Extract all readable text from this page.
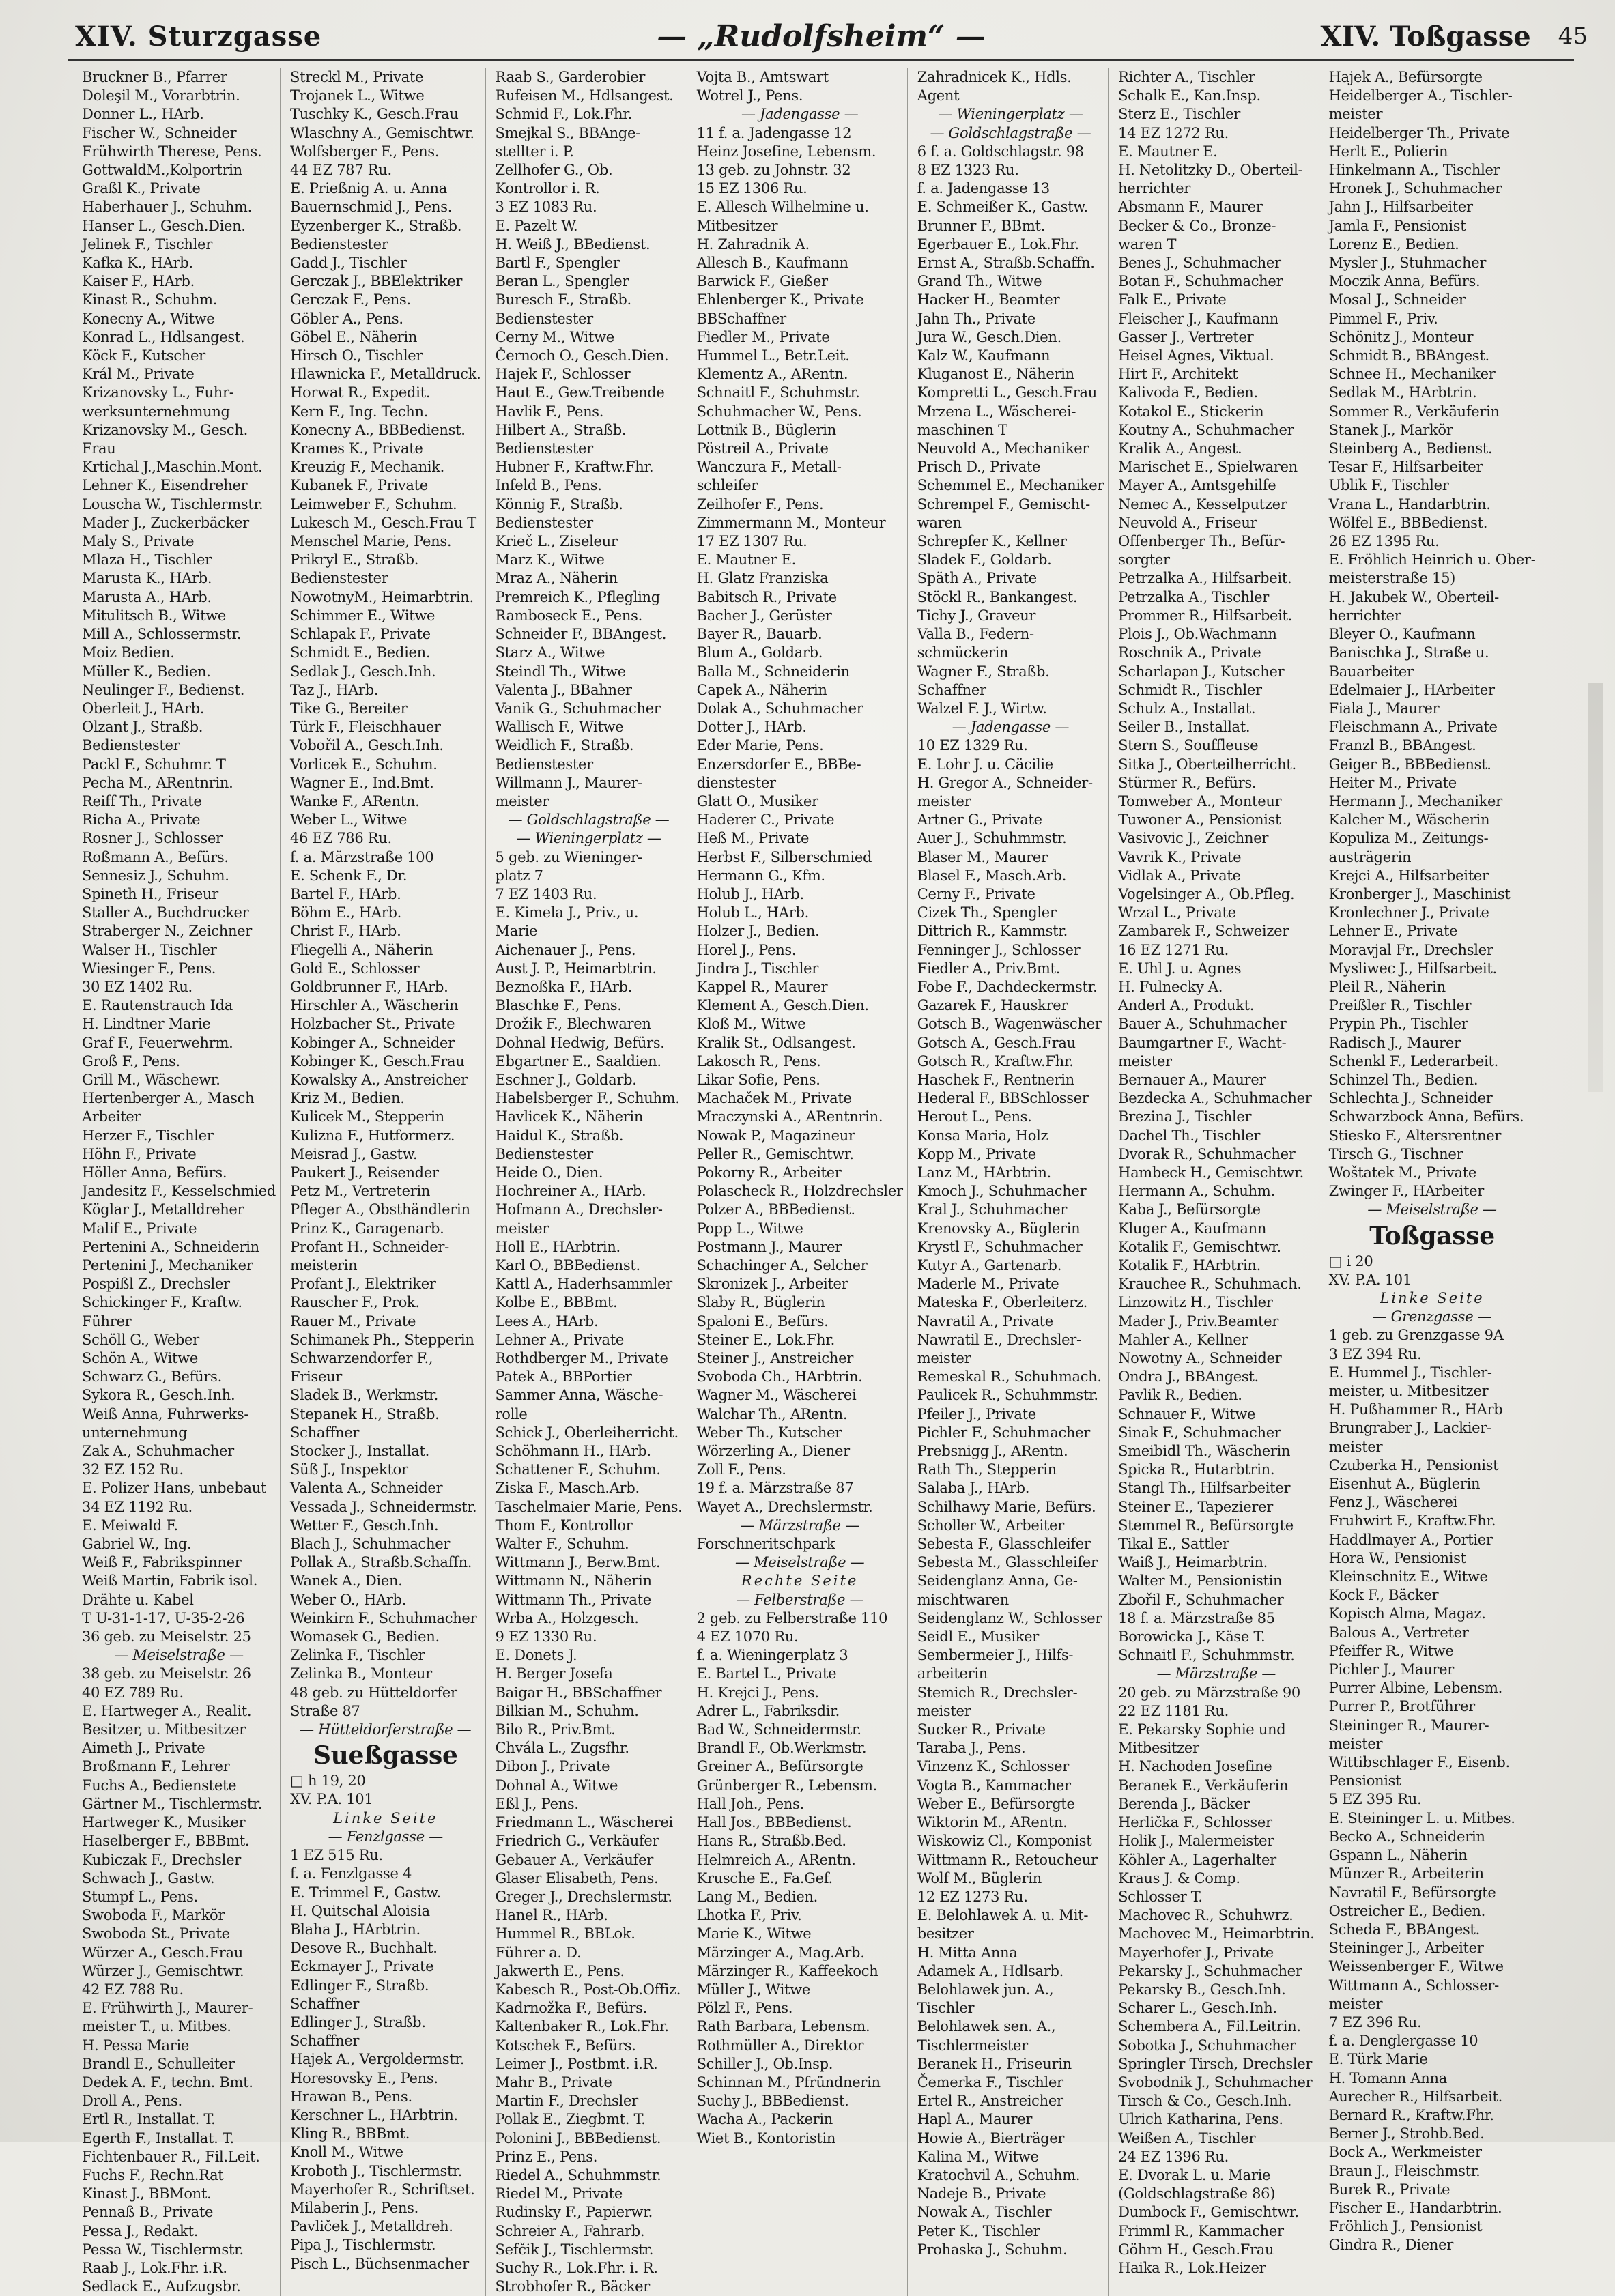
XIV. Sturzgasse	— „Rudolfsheim“ —	XIV. Toßgasse 45
Bruckner B., Pfarrer
Doleşil M., Vorarbtrin.
Donner L., HArb.
Fischer W., Schneider
Frühwirth Therese, Pens.
GottwaldM.,Kolportrin
Graßl K., Private
Haberhauer J., Schuhm.
Hanser L., Gesch.Dien.
Jelinek F., Tischler
Kafka K., HArb.
Kaiser F., HArb.
Kinast R., Schuhm.
Konecny A., Witwe
Konrad L., Hdlsangest.
Köck F., Kutscher
Král M., Private
Krizanovsky L., Fuhr-
werksunternehmung
Krizanovsky M., Gesch.
Frau
Krtichal J.,Maschin.Mont.
Lehner K., Eisendreher
Louscha W., Tischlermstr.
Mader J., Zuckerbäcker
Maly S., Private
Mlaza H., Tischler
Marusta K., HArb.
Marusta A., HArb.
Mitulitsch B., Witwe
Mill A., Schlossermstr.
Moiz Bedien.
Müller K., Bedien.
Neulinger F., Bedienst.
Oberleit J., HArb.
Olzant J., Straßb.
Bedienstester
Packl F., Schuhmr. T
Pecha M., ARentnrin.
Reiff Th., Private
Richa A., Private
Rosner J., Schlosser
Roßmann A., Befürs.
Sennesiz J., Schuhm.
Spineth H., Friseur
Staller A., Buchdrucker
Straberger N., Zeichner
Walser H., Tischler
Wiesinger F., Pens.
30 EZ 1402 Ru.
E. Rautenstrauch Ida
H. Lindtner Marie
Graf F., Feuerwehrm.
Groß F., Pens.
Grill M., Wäschewr.
Hertenberger A., Masch
Arbeiter
Herzer F., Tischler
Höhn F., Private
Höller Anna, Befürs.
Jandesitz F., Kesselschmied
Köglar J., Metalldreher
Malif E., Private
Pertenini A., Schneiderin
Pertenini J., Mechaniker
Pospißl Z., Drechsler
Schickinger F., Kraftw.
Führer
Schöll G., Weber
Schön A., Witwe
Schwarz G., Befürs.
Sykora R., Gesch.Inh.
Weiß Anna, Fuhrwerks-
unternehmung
Zak A., Schuhmacher
32 EZ 152 Ru.
E. Polizer Hans, unbebaut
34 EZ 1192 Ru.
E. Meiwald F.
Gabriel W., Ing.
Weiß F., Fabrikspinner
Weiß Martin, Fabrik isol.
Drähte u. Kabel
T U-31-1-17, U-35-2-26
36 geb. zu Meiselstr. 25
— Meiselstraße —
38 geb. zu Meiselstr. 26
40 EZ 789 Ru.
E. Hartweger A., Realit.
Besitzer, u. Mitbesitzer
Aimeth J., Private
Broßmann F., Lehrer
Fuchs A., Bedienstete
Gärtner M., Tischlermstr.
Hartweger K., Musiker
Haselberger F., BBBmt.
Kubiczak F., Drechsler
Schwach J., Gastw.
Stumpf L., Pens.
Swoboda F., Markör
Swoboda St., Private
Würzer A., Gesch.Frau
Würzer J., Gemischtwr.
42 EZ 788 Ru.
E. Frühwirth J., Maurer-
meister T., u. Mitbes.
H. Pessa Marie
Brandl E., Schulleiter
Dedek A. F., techn. Bmt.
Droll A., Pens.
Ertl R., Installat. T.
Egerth F., Installat. T.
Fichtenbauer R., Fil.Leit.
Fuchs F., Rechn.Rat
Kinast J., BBMont.
Pennaß B., Private
Pessa J., Redakt.
Pessa W., Tischlermstr.
Raab J., Lok.Fhr. i.R.
Sedlack E., Aufzugsbr.
Streckl M., Private
Trojanek L., Witwe
Tuschky K., Gesch.Frau
Wlaschny A., Gemischtwr.
Wolfsberger F., Pens.
44 EZ 787 Ru.
E. Prießnig A. u. Anna
Bauernschmid J., Pens.
Eyzenberger K., Straßb.
Bedienstester
Gadd J., Tischler
Gerczak J., BBElektriker
Gerczak F., Pens.
Göbler A., Pens.
Göbel E., Näherin
Hirsch O., Tischler
Hlawnicka F., Metalldruck.
Horwat R., Expedit.
Kern F., Ing. Techn.
Konecny A., BBBedienst.
Krames K., Private
Kreuzig F., Mechanik.
Kubanek F., Private
Leimweber F., Schuhm.
Lukesch M., Gesch.Frau T
Menschel Marie, Pens.
Prikryl E., Straßb.
Bedienstester
NowotnyM., Heimarbtrin.
Schimmer E., Witwe
Schlapak F., Private
Schmidt E., Bedien.
Sedlak J., Gesch.Inh.
Taz J., HArb.
Tike G., Bereiter
Türk F., Fleischhauer
Vobořil A., Gesch.Inh.
Vorlicek E., Schuhm.
Wagner E., Ind.Bmt.
Wanke F., ARentn.
Weber L., Witwe
46 EZ 786 Ru.
f. a. Märzstraße 100
E. Schenk F., Dr.
Bartel F., HArb.
Böhm E., HArb.
Christ F., HArb.
Fliegelli A., Näherin
Gold E., Schlosser
Goldbrunner F., HArb.
Hirschler A., Wäscherin
Holzbacher St., Private
Kobinger A., Schneider
Kobinger K., Gesch.Frau
Kowalsky A., Anstreicher
Kriz M., Bedien.
Kulicek M., Stepperin
Kulizna F., Hutformerz.
Meisrad J., Gastw.
Paukert J., Reisender
Petz M., Vertreterin
Pfleger A., Obsthändlerin
Prinz K., Garagenarb.
Profant H., Schneider-
meisterin
Profant J., Elektriker
Rauscher F., Prok.
Rauer M., Private
Schimanek Ph., Stepperin
Schwarzendorfer F.,
Friseur
Sladek B., Werkmstr.
Stepanek H., Straßb.
Schaffner
Stocker J., Installat.
Süß J., Inspektor
Valenta A., Schneider
Vessada J., Schneidermstr.
Wetter F., Gesch.Inh.
Blach J., Schuhmacher
Pollak A., Straßb.Schaffn.
Wanek A., Dien.
Weber O., HArb.
Weinkirn F., Schuhmacher
Womasek G., Bedien.
Zelinka F., Tischler
Zelinka B., Monteur
48 geb. zu Hütteldorfer
Straße 87
— Hütteldorferstraße —
Sueßgasse
□ h 19, 20
XV. P.A. 101
Linke Seite
— Fenzlgasse —
1 EZ 515 Ru.
f. a. Fenzlgasse 4
E. Trimmel F., Gastw.
H. Quitschal Aloisia
Blaha J., HArbtrin.
Desove R., Buchhalt.
Eckmayer J., Private
Edlinger F., Straßb.
Schaffner
Edlinger J., Straßb.
Schaffner
Hajek A., Vergoldermstr.
Horesovsky E., Pens.
Hrawan B., Pens.
Kerschner L., HArbtrin.
Kling R., BBBmt.
Knoll M., Witwe
Kroboth J., Tischlermstr.
Mayerhofer R., Schriftset.
Milaberin J., Pens.
Pavliček J., Metalldreh.
Pipa J., Tischlermstr.
Pisch L., Büchsenmacher
Raab S., Garderobier
Rufeisen M., Hdlsangest.
Schmid F., Lok.Fhr.
Smejkal S., BBAnge-
stellter i. P.
Zellhofer G., Ob.
Kontrollor i. R.
3 EZ 1083 Ru.
E. Pazelt W.
H. Weiß J., BBedienst.
Bartl F., Spengler
Beran L., Spengler
Buresch F., Straßb.
Bedienstester
Cerny M., Witwe
Černoch O., Gesch.Dien.
Hajek F., Schlosser
Haut E., Gew.Treibende
Havlik F., Pens.
Hilbert A., Straßb.
Bedienstester
Hubner F., Kraftw.Fhr.
Infeld B., Pens.
Könnig F., Straßb.
Bedienstester
Krieč L., Ziseleur
Marz K., Witwe
Mraz A., Näherin
Premreich K., Pflegling
Ramboseck E., Pens.
Schneider F., BBAngest.
Starz A., Witwe
Steindl Th., Witwe
Valenta J., BBahner
Vanik G., Schuhmacher
Wallisch F., Witwe
Weidlich F., Straßb.
Bedienstester
Willmann J., Maurer-
meister
— Goldschlagstraße —
— Wieningerplatz —
5 geb. zu Wieninger-
platz 7
7 EZ 1403 Ru.
E. Kimela J., Priv., u.
Marie
Aichenauer J., Pens.
Aust J. P., Heimarbtrin.
Beznoßka F., HArb.
Blaschke F., Pens.
Drožik F., Blechwaren
Dohnal Hedwig, Befürs.
Ebgartner E., Saaldien.
Eschner J., Goldarb.
Habelsberger F., Schuhm.
Havlicek K., Näherin
Haidul K., Straßb.
Bedienstester
Heide O., Dien.
Hochreiner A., HArb.
Hofmann A., Drechsler-
meister
Holl E., HArbtrin.
Karl O., BBBedienst.
Kattl A., Haderhsammler
Kolbe E., BBBmt.
Lees A., HArb.
Lehner A., Private
Rothdberger M., Private
Patek A., BBPortier
Sammer Anna, Wäsche-
rolle
Schick J., Oberleiherricht.
Schöhmann H., HArb.
Schattener F., Schuhm.
Ziska F., Masch.Arb.
Taschelmaier Marie, Pens.
Thom F., Kontrollor
Walter F., Schuhm.
Wittmann J., Berw.Bmt.
Wittmann N., Näherin
Wittmann Th., Private
Wrba A., Holzgesch.
9 EZ 1330 Ru.
E. Donets J.
H. Berger Josefa
Baigar H., BBSchaffner
Bilkian M., Schuhm.
Bilo R., Priv.Bmt.
Chvála L., Zugsfhr.
Dibon J., Private
Dohnal A., Witwe
Eßl J., Pens.
Friedmann L., Wäscherei
Friedrich G., Verkäufer
Gebauer A., Verkäufer
Glaser Elisabeth, Pens.
Greger J., Drechslermstr.
Hanel R., HArb.
Hummel R., BBLok.
Führer a. D.
Jakwerth E., Pens.
Kabesch R., Post-Ob.Offiz.
Kadrnožka F., Befürs.
Kaltenbaker R., Lok.Fhr.
Kotschek F., Befürs.
Leimer J., Postbmt. i.R.
Mahr B., Private
Martin F., Drechsler
Pollak E., Ziegbmt. T.
Polonini J., BBBedienst.
Prinz E., Pens.
Riedel A., Schuhmmstr.
Riedel M., Private
Rudinsky F., Papierwr.
Schreier A., Fahrarb.
Sefčik J., Tischlermstr.
Suchy R., Lok.Fhr. i. R.
Strobhofer R., Bäcker
Vojta B., Amtswart
Wotrel J., Pens.
— Jadengasse —
11 f. a. Jadengasse 12
Heinz Josefine, Lebensm.
13 geb. zu Johnstr. 32
15 EZ 1306 Ru.
E. Allesch Wilhelmine u.
Mitbesitzer
H. Zahradnik A.
Allesch B., Kaufmann
Barwick F., Gießer
Ehlenberger K., Private
BBSchaffner
Fiedler M., Private
Hummel L., Betr.Leit.
Klementz A., ARentn.
Schnaitl F., Schuhmstr.
Schuhmacher W., Pens.
Lottnik B., Büglerin
Pöstreil A., Private
Wanczura F., Metall-
schleifer
Zeilhofer F., Pens.
Zimmermann M., Monteur
17 EZ 1307 Ru.
E. Mautner E.
H. Glatz Franziska
Babitsch R., Private
Bacher J., Gerüster
Bayer R., Bauarb.
Blum A., Goldarb.
Balla M., Schneiderin
Capek A., Näherin
Dolak A., Schuhmacher
Dotter J., HArb.
Eder Marie, Pens.
Enzersdorfer E., BBBe-
dienstester
Glatt O., Musiker
Haderer C., Private
Heß M., Private
Herbst F., Silberschmied
Hermann G., Kfm.
Holub J., HArb.
Holub L., HArb.
Holzer J., Bedien.
Horel J., Pens.
Jindra J., Tischler
Kappel R., Maurer
Klement A., Gesch.Dien.
Kloß M., Witwe
Kralik St., Odlsangest.
Lakosch R., Pens.
Likar Sofie, Pens.
Machaček M., Private
Mraczynski A., ARentnrin.
Nowak P., Magazineur
Peller R., Gemischtwr.
Pokorny R., Arbeiter
Polascheck R., Holzdrechsler
Polzer A., BBBedienst.
Popp L., Witwe
Postmann J., Maurer
Schachinger A., Selcher
Skronizek J., Arbeiter
Slaby R., Büglerin
Spaloni E., Befürs.
Steiner E., Lok.Fhr.
Steiner J., Anstreicher
Svoboda Ch., HArbtrin.
Wagner M., Wäscherei
Walchar Th., ARentn.
Weber Th., Kutscher
Wörzerling A., Diener
Zoll F., Pens.
19 f. a. Märzstraße 87
Wayet A., Drechslermstr.
— Märzstraße —
Forschneritschpark
— Meiselstraße —
Rechte Seite
— Felberstraße —
2 geb. zu Felberstraße 110
4 EZ 1070 Ru.
f. a. Wieningerplatz 3
E. Bartel L., Private
H. Krejci J., Pens.
Adrer L., Fabriksdir.
Bad W., Schneidermstr.
Brandl F., Ob.Werkmstr.
Greiner A., Befürsorgte
Grünberger R., Lebensm.
Hall Joh., Pens.
Hall Jos., BBBedienst.
Hans R., Straßb.Bed.
Helmreich A., ARentn.
Krusche E., Fa.Gef.
Lang M., Bedien.
Lhotka F., Priv.
Marie K., Witwe
Märzinger A., Mag.Arb.
Märzinger R., Kaffeekoch
Müller J., Witwe
Pölzl F., Pens.
Rath Barbara, Lebensm.
Rothmüller A., Direktor
Schiller J., Ob.Insp.
Schinnan M., Pfründnerin
Suchy J., BBBedienst.
Wacha A., Packerin
Wiet B., Kontoristin
Zahradnicek K., Hdls.
Agent
— Wieningerplatz —
— Goldschlagstraße —
6 f. a. Goldschlagstr. 98
8 EZ 1323 Ru.
f. a. Jadengasse 13
E. Schmeißer K., Gastw.
Brunner F., BBmt.
Egerbauer E., Lok.Fhr.
Ernst A., Straßb.Schaffn.
Grand Th., Witwe
Hacker H., Beamter
Jahn Th., Private
Jura W., Gesch.Dien.
Kalz W., Kaufmann
Kluganost E., Näherin
Kompretti L., Gesch.Frau
Mrzena L., Wäscherei-
maschinen T
Neuvold A., Mechaniker
Prisch D., Private
Schemmel E., Mechaniker
Schrempel F., Gemischt-
waren
Schrepfer K., Kellner
Sladek F., Goldarb.
Späth A., Private
Stöckl R., Bankangest.
Tichy J., Graveur
Valla B., Federn-
schmückerin
Wagner F., Straßb.
Schaffner
Walzel F. J., Wirtw.
— Jadengasse —
10 EZ 1329 Ru.
E. Lohr J. u. Cäcilie
H. Gregor A., Schneider-
meister
Artner G., Private
Auer J., Schuhmmstr.
Blaser M., Maurer
Blasel F., Masch.Arb.
Cerny F., Private
Cizek Th., Spengler
Dittrich R., Kammstr.
Fenninger J., Schlosser
Fiedler A., Priv.Bmt.
Fobe F., Dachdeckermstr.
Gazarek F., Hauskrer
Gotsch B., Wagenwäscher
Gotsch A., Gesch.Frau
Gotsch R., Kraftw.Fhr.
Haschek F., Rentnerin
Hederal F., BBSchlosser
Herout L., Pens.
Konsa Maria, Holz
Kopp M., Private
Lanz M., HArbtrin.
Kmoch J., Schuhmacher
Kral J., Schuhmacher
Krenovsky A., Büglerin
Krystl F., Schuhmacher
Kutyr A., Gartenarb.
Maderle M., Private
Mateska F., Oberleiterz.
Navratil A., Private
Nawratil E., Drechsler-
meister
Remeskal R., Schuhmach.
Paulicek R., Schuhmmstr.
Pfeiler J., Private
Pichler F., Schuhmacher
Prebsnigg J., ARentn.
Rath Th., Stepperin
Salaba J., HArb.
Schilhawy Marie, Befürs.
Scholler W., Arbeiter
Sebesta F., Glasschleifer
Sebesta M., Glasschleifer
Seidenglanz Anna, Ge-
mischtwaren
Seidenglanz W., Schlosser
Seidl E., Musiker
Sembermeier J., Hilfs-
arbeiterin
Stemich R., Drechsler-
meister
Sucker R., Private
Taraba J., Pens.
Vinzenz K., Schlosser
Vogta B., Kammacher
Weber E., Befürsorgte
Wiktorin M., ARentn.
Wiskowiz Cl., Komponist
Wittmann R., Retoucheur
Wolf M., Büglerin
12 EZ 1273 Ru.
E. Belohlawek A. u. Mit-
besitzer
H. Mitta Anna
Adamek A., Hdlsarb.
Belohlawek jun. A.,
Tischler
Belohlawek sen. A.,
Tischlermeister
Beranek H., Friseurin
Čemerka F., Tischler
Ertel R., Anstreicher
Hapl A., Maurer
Howie A., Bierträger
Kalina M., Witwe
Kratochvil A., Schuhm.
Nadeje B., Private
Nowak A., Tischler
Peter K., Tischler
Prohaska J., Schuhm.
Richter A., Tischler
Schalk E., Kan.Insp.
Sterz E., Tischler
14 EZ 1272 Ru.
E. Mautner E.
H. Netolitzky D., Oberteil-
herrichter
Absmann F., Maurer
Becker & Co., Bronze-
waren T
Benes J., Schuhmacher
Botan F., Schuhmacher
Falk E., Private
Fleischer J., Kaufmann
Gasser J., Vertreter
Heisel Agnes, Viktual.
Hirt F., Architekt
Kalivoda F., Bedien.
Kotakol E., Stickerin
Koutny A., Schuhmacher
Kralik A., Angest.
Marischet E., Spielwaren
Mayer A., Amtsgehilfe
Nemec A., Kesselputzer
Neuvold A., Friseur
Offenberger Th., Befür-
sorgter
Petrzalka A., Hilfsarbeit.
Petrzalka A., Tischler
Prommer R., Hilfsarbeit.
Plois J., Ob.Wachmann
Roschnik A., Private
Scharlapan J., Kutscher
Schmidt R., Tischler
Schulz A., Installat.
Seiler B., Installat.
Stern S., Souffleuse
Sitka J., Oberteilherricht.
Stürmer R., Befürs.
Tomweber A., Monteur
Tuwoner A., Pensionist
Vasivovic J., Zeichner
Vavrik K., Private
Vidlak A., Private
Vogelsinger A., Ob.Pfleg.
Wrzal L., Private
Zambarek F., Schweizer
16 EZ 1271 Ru.
E. Uhl J. u. Agnes
H. Fulnecky A.
Anderl A., Produkt.
Bauer A., Schuhmacher
Baumgartner F., Wacht-
meister
Bernauer A., Maurer
Bezdecka A., Schuhmacher
Brezina J., Tischler
Dachel Th., Tischler
Dvorak R., Schuhmacher
Hambeck H., Gemischtwr.
Hermann A., Schuhm.
Kaba J., Befürsorgte
Kluger A., Kaufmann
Kotalik F., Gemischtwr.
Kotalik F., HArbtrin.
Krauchee R., Schuhmach.
Linzowitz H., Tischler
Mader J., Priv.Beamter
Mahler A., Kellner
Nowotny A., Schneider
Ondra J., BBAngest.
Pavlik R., Bedien.
Schnauer F., Witwe
Sinak F., Schuhmacher
Smeibidl Th., Wäscherin
Spicka R., Hutarbtrin.
Stangl Th., Hilfsarbeiter
Steiner E., Tapezierer
Stemmel R., Befürsorgte
Tikal E., Sattler
Waiß J., Heimarbtrin.
Walter M., Pensionistin
Zbořil F., Schuhmacher
18 f. a. Märzstraße 85
Borowicka J., Käse T.
Schnaitl F., Schuhmmstr.
— Märzstraße —
20 geb. zu Märzstraße 90
22 EZ 1181 Ru.
E. Pekarsky Sophie und
Mitbesitzer
H. Nachoden Josefine
Beranek E., Verkäuferin
Berenda J., Bäcker
Herlička F., Schlosser
Holik J., Malermeister
Köhler A., Lagerhalter
Kraus J. & Comp.
Schlosser T.
Machovec R., Schuhwrz.
Machovec M., Heimarbtrin.
Mayerhofer J., Private
Pekarsky J., Schuhmacher
Pekarsky B., Gesch.Inh.
Scharer L., Gesch.Inh.
Schembera A., Fil.Leitrin.
Sobotka J., Schuhmacher
Springler Tirsch, Drechsler
Svobodnik J., Schuhmacher
Tirsch & Co., Gesch.Inh.
Ulrich Katharina, Pens.
Weißen A., Tischler
24 EZ 1396 Ru.
E. Dvorak L. u. Marie
(Goldschlagstraße 86)
Dumbock F., Gemischtwr.
Frimml R., Kammacher
Göhrn H., Gesch.Frau
Haika R., Lok.Heizer
Hajek A., Befürsorgte
Heidelberger A., Tischler-
meister
Heidelberger Th., Private
Herlt E., Polierin
Hinkelmann A., Tischler
Hronek J., Schuhmacher
Jahn J., Hilfsarbeiter
Jamla F., Pensionist
Lorenz E., Bedien.
Mysler J., Stuhmacher
Moczik Anna, Befürs.
Mosal J., Schneider
Pimmel F., Priv.
Schönitz J., Monteur
Schmidt B., BBAngest.
Schnee H., Mechaniker
Sedlak M., HArbtrin.
Sommer R., Verkäuferin
Stanek J., Markör
Steinberg A., Bedienst.
Tesar F., Hilfsarbeiter
Ublik F., Tischler
Vrana L., Handarbtrin.
Wölfel E., BBBedienst.
26 EZ 1395 Ru.
E. Fröhlich Heinrich u. Ober-
meisterstraße 15)
H. Jakubek W., Oberteil-
herrichter
Bleyer O., Kaufmann
Banischka J., Straße u.
Bauarbeiter
Edelmaier J., HArbeiter
Fiala J., Maurer
Fleischmann A., Private
Franzl B., BBAngest.
Geiger B., BBBedienst.
Heiter M., Private
Hermann J., Mechaniker
Kalcher M., Wäscherin
Kopuliza M., Zeitungs-
austrägerin
Krejci A., Hilfsarbeiter
Kronberger J., Maschinist
Kronlechner J., Private
Lehner E., Private
Moravjal Fr., Drechsler
Mysliwec J., Hilfsarbeit.
Pleil R., Näherin
Preißler R., Tischler
Prypin Ph., Tischler
Radisch J., Maurer
Schenkl F., Lederarbeit.
Schinzel Th., Bedien.
Schlechta J., Schneider
Schwarzbock Anna, Befürs.
Stiesko F., Altersrentner
Tirsch G., Tischner
Woštatek M., Private
Zwinger F., HArbeiter
— Meiselstraße —
Toßgasse
□ i 20
XV. P.A. 101
Linke Seite
— Grenzgasse —
1 geb. zu Grenzgasse 9A
3 EZ 394 Ru.
E. Hummel J., Tischler-
meister, u. Mitbesitzer
H. Pußhammer R., HArb
Brungraber J., Lackier-
meister
Czuberka H., Pensionist
Eisenhut A., Büglerin
Fenz J., Wäscherei
Fruhwirt F., Kraftw.Fhr.
Haddlmayer A., Portier
Hora W., Pensionist
Kleinschnitz E., Witwe
Kock F., Bäcker
Kopisch Alma, Magaz.
Balous A., Vertreter
Pfeiffer R., Witwe
Pichler J., Maurer
Purrer Albine, Lebensm.
Purrer P., Brotführer
Steininger R., Maurer-
meister
Wittibschlager F., Eisenb.
Pensionist
5 EZ 395 Ru.
E. Steininger L. u. Mitbes.
Becko A., Schneiderin
Gspann L., Näherin
Münzer R., Arbeiterin
Navratil F., Befürsorgte
Ostreicher E., Bedien.
Scheda F., BBAngest.
Steininger J., Arbeiter
Weissenberger F., Witwe
Wittmann A., Schlosser-
meister
7 EZ 396 Ru.
f. a. Denglergasse 10
E. Türk Marie
H. Tomann Anna
Aurecher R., Hilfsarbeit.
Bernard R., Kraftw.Fhr.
Berner J., Strohb.Bed.
Bock A., Werkmeister
Braun J., Fleischmstr.
Burek R., Private
Fischer E., Handarbtrin.
Fröhlich J., Pensionist
Gindra R., Diener
